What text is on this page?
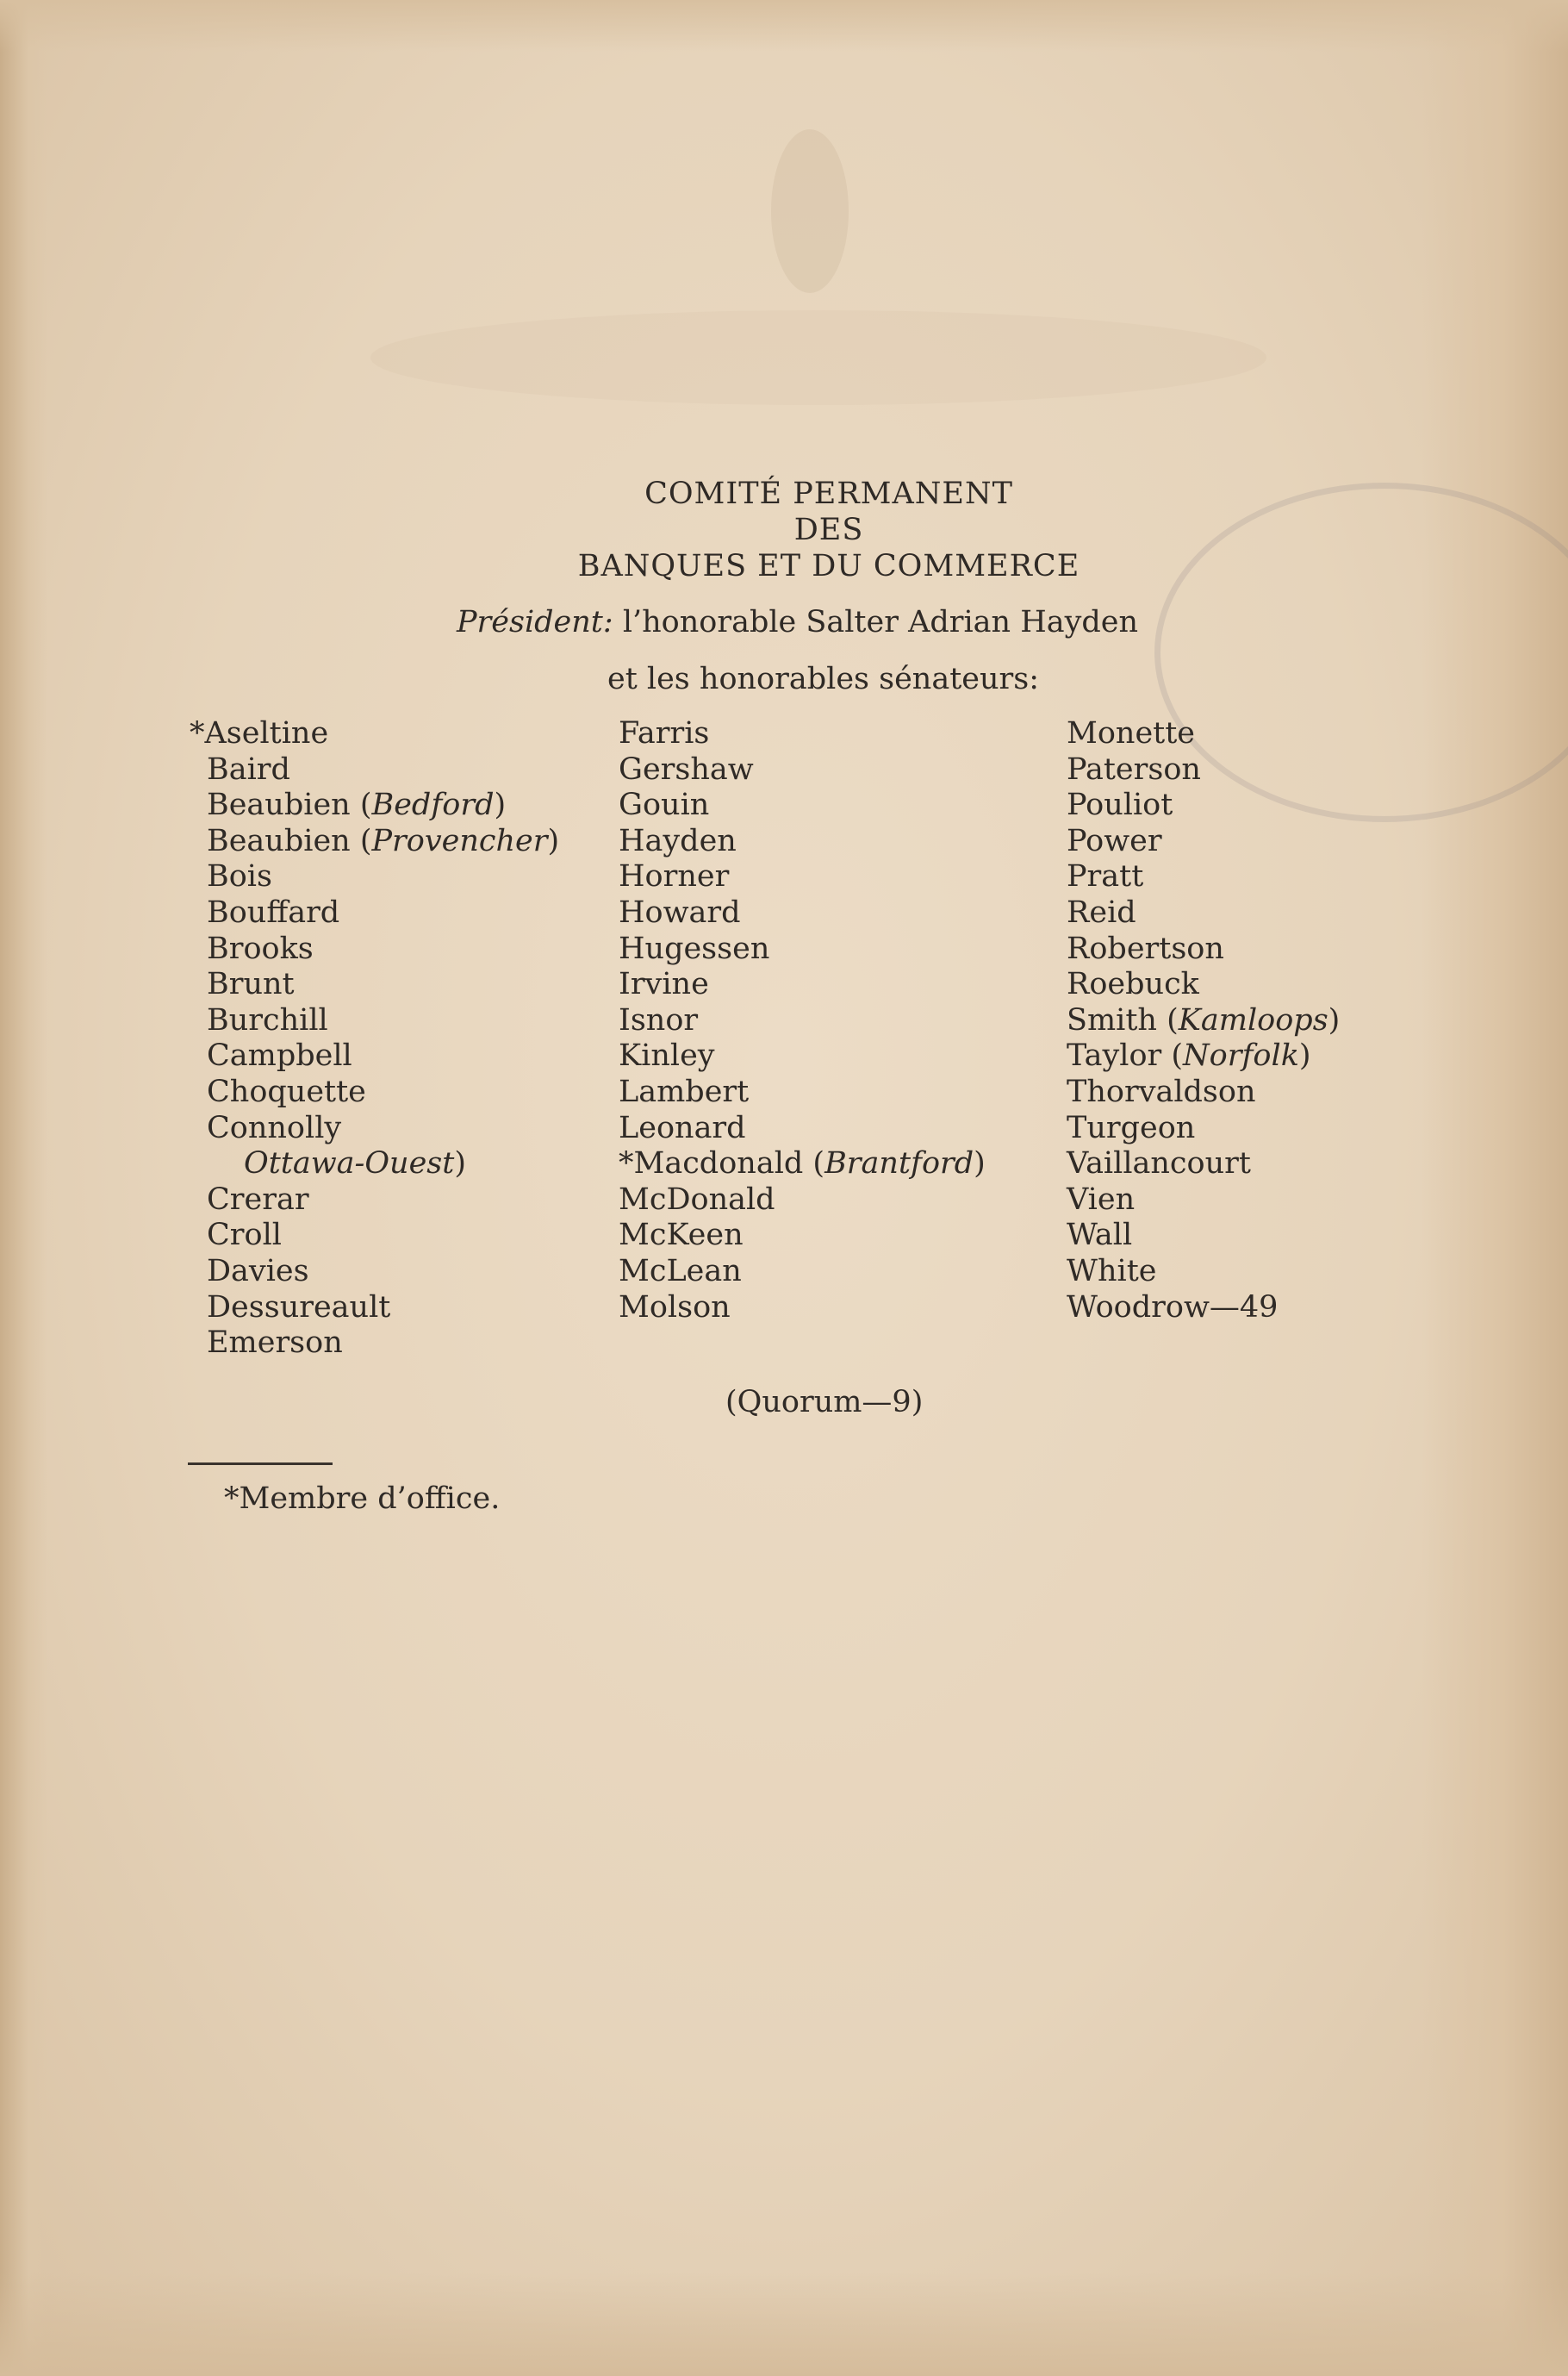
COMITÉ PERMANENT
DES
BANQUES ET DU COMMERCE
Président: l’honorable Salter Adrian Hayden
et les honorables sénateurs:
*Aseltine
Baird
Beaubien (Bedford)
Beaubien (Provencher)
Bois
Bouffard
Brooks
Brunt
Burchill
Campbell
Choquette
Connolly
Ottawa-Ouest)
Crerar
Croll
Davies
Dessureault
Emerson
Farris
Gershaw
Gouin
Hayden
Horner
Howard
Hugessen
Irvine
Isnor
Kinley
Lambert
Leonard
*Macdonald (Brantford)
McDonald
McKeen
McLean
Molson
Monette
Paterson
Pouliot
Power
Pratt
Reid
Robertson
Roebuck
Smith (Kamloops)
Taylor (Norfolk)
Thorvaldson
Turgeon
Vaillancourt
Vien
Wall
White
Woodrow—49
(Quorum—9)
*Membre d’office.
